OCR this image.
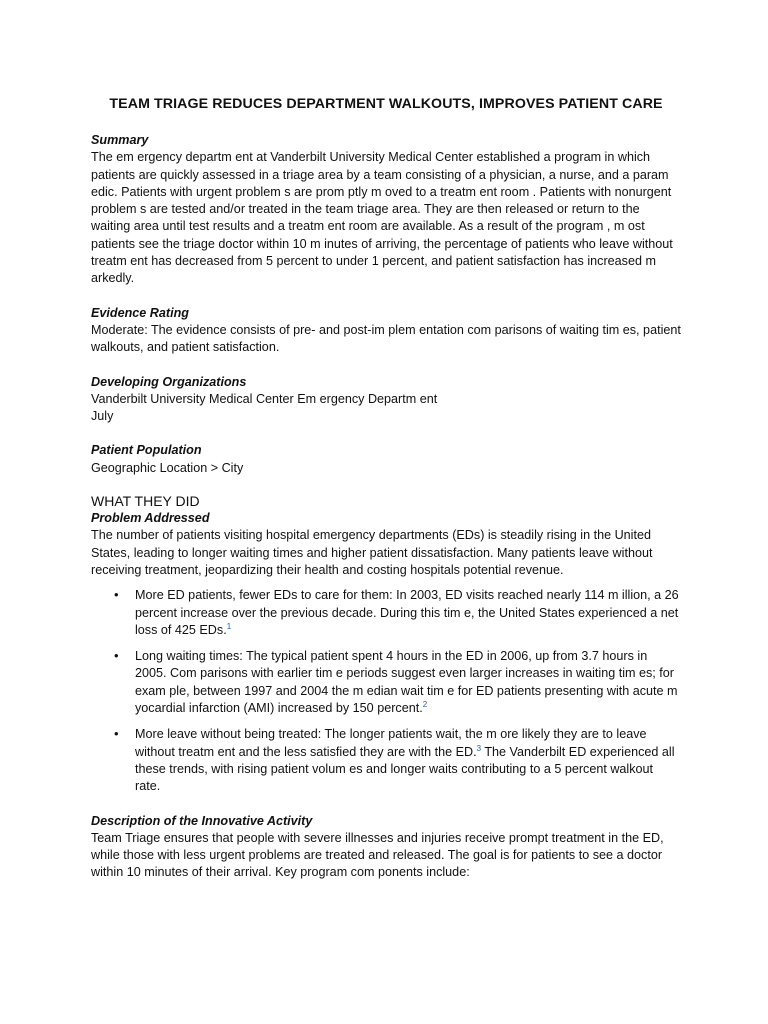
TEAM TRIAGE REDUCES DEPARTMENT WALKOUTS, IMPROVES PATIENT CARE
Summary

The em ergency departm ent at Vanderbilt University Medical Center established a program in which patients are quickly assessed in a triage area by a team consisting of a physician, a nurse, and a param edic. Patients with urgent problem s are prom ptly m oved to a treatm ent room . Patients with nonurgent problem s are tested and/or treated in the team triage area. They are then released or return to the waiting area until test results and a treatm ent room are available. As a result of the program , m ost patients see the triage doctor within 10 m inutes of arriving, the percentage of patients who leave without treatm ent has decreased from 5 percent to under 1 percent, and patient satisfaction has increased m arkedly.

Evidence Rating

Moderate: The evidence consists of pre- and post-im plem entation com parisons of waiting tim es, patient walkouts, and patient satisfaction.

Developing Organizations
Vanderbilt University Medical Center Em ergency Departm ent
July
Patient Population
Geographic Location > City
WHAT THEY DID
Problem Addressed

The number of patients visiting hospital emergency departments (EDs) is steadily rising in the United States, leading to longer waiting times and higher patient dissatisfaction. Many patients leave without receiving treatment, jeopardizing their health and costing hospitals potential revenue.

• More ED patients, fewer EDs to care for them: In 2003, ED visits reached nearly 114 m illion, a 26 percent increase over the previous decade. During this tim e, the United States experienced a net loss of 425 EDs.$^1$
• Long waiting times: The typical patient spent 4 hours in the ED in 2006, up from 3.7 hours in 2005. Com parisons with earlier tim e periods suggest even larger increases in waiting tim es; for exam ple, between 1997 and 2004 the m edian wait tim e for ED patients presenting with acute m yocardial infarction (AMI) increased by 150 percent.$^2$
• More leave without being treated: The longer patients wait, the m ore likely they are to leave without treatm ent and the less satisfied they are with the ED.$^3$ The Vanderbilt ED experienced all these trends, with rising patient volum es and longer waits contributing to a 5 percent walkout rate.
Description of the Innovative Activity

Team Triage ensures that people with severe illnesses and injuries receive prompt treatment in the ED, while those with less urgent problems are treated and released. The goal is for patients to see a doctor within 10 minutes of their arrival. Key program com ponents include:
